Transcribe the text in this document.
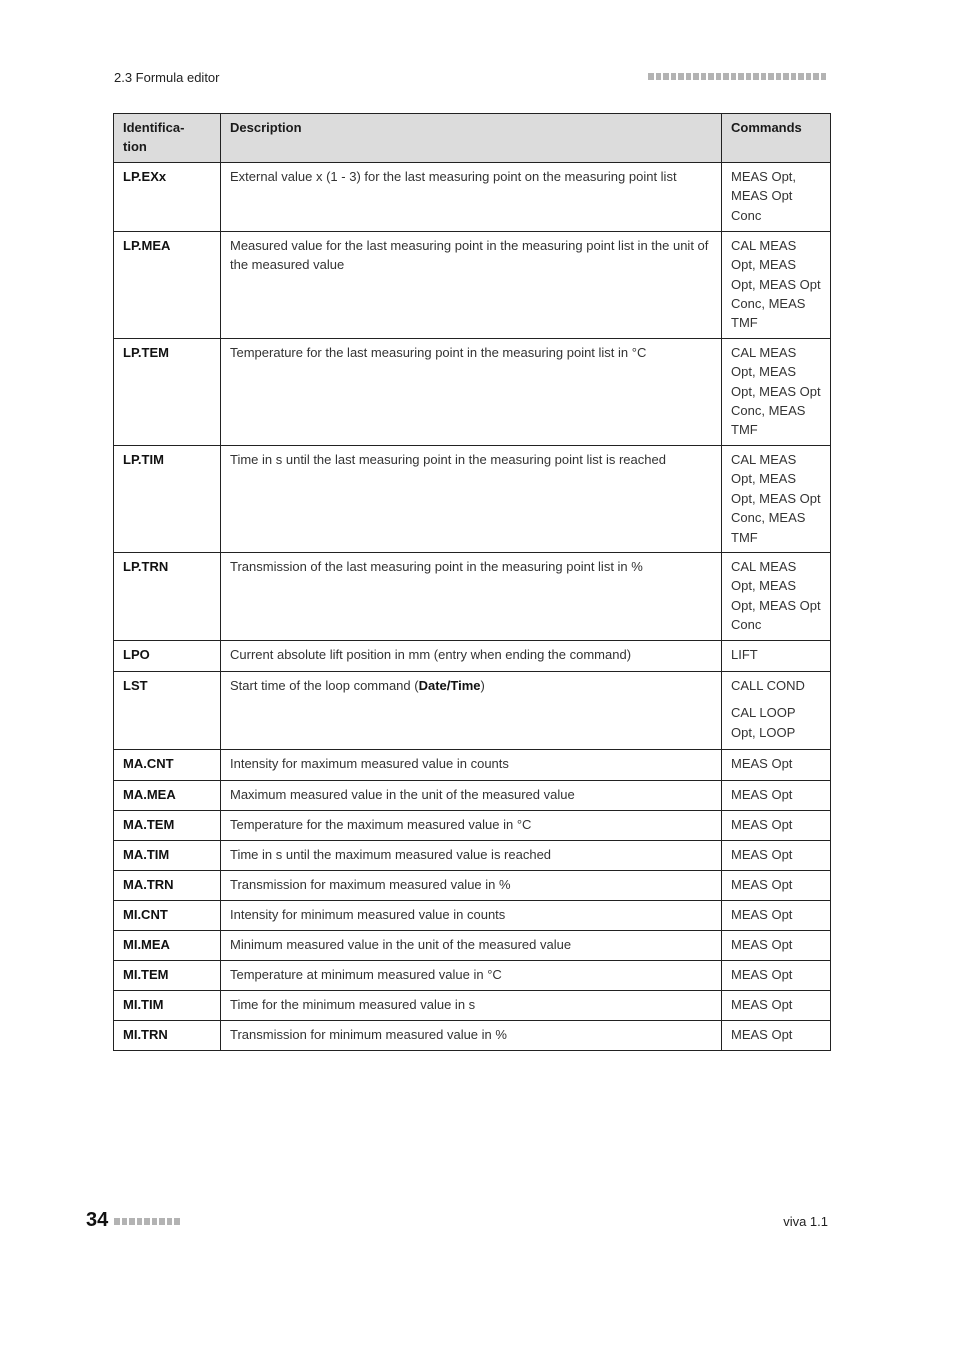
2.3 Formula editor
Identifica-
tion	Description	Commands
LP.EXx	External value x (1 - 3) for the last measuring point on the measuring point list	MEAS Opt, MEAS Opt Conc

LP.MEA	Measured value for the last measuring point in the measuring point list in the unit of the measured value	CAL MEAS Opt, MEAS Opt, MEAS Opt Conc, MEAS TMF

LP.TEM	Temperature for the last measuring point in the measuring point list in °C	CAL MEAS Opt, MEAS Opt, MEAS Opt Conc, MEAS TMF

LP.TIM	Time in s until the last measuring point in the measuring point list is reached	CAL MEAS Opt, MEAS Opt, MEAS Opt Conc, MEAS TMF

LP.TRN	Transmission of the last measuring point in the measuring point list in %	CAL MEAS Opt, MEAS Opt, MEAS Opt Conc

LPO	Current absolute lift position in mm (entry when ending the command)	LIFT

LST	Start time of the loop command (Date/Time)	CALL COND
CAL LOOP Opt, LOOP

MA.CNT	Intensity for maximum measured value in counts	MEAS Opt

MA.MEA	Maximum measured value in the unit of the measured value	MEAS Opt

MA.TEM	Temperature for the maximum measured value in °C	MEAS Opt

MA.TIM	Time in s until the maximum measured value is reached	MEAS Opt

MA.TRN	Transmission for maximum measured value in %	MEAS Opt

MI.CNT	Intensity for minimum measured value in counts	MEAS Opt

MI.MEA	Minimum measured value in the unit of the measured value	MEAS Opt

MI.TEM	Temperature at minimum measured value in °C	MEAS Opt

MI.TIM	Time for the minimum measured value in s	MEAS Opt

MI.TRN	Transmission for minimum measured value in %	MEAS Opt
34	viva 1.1
